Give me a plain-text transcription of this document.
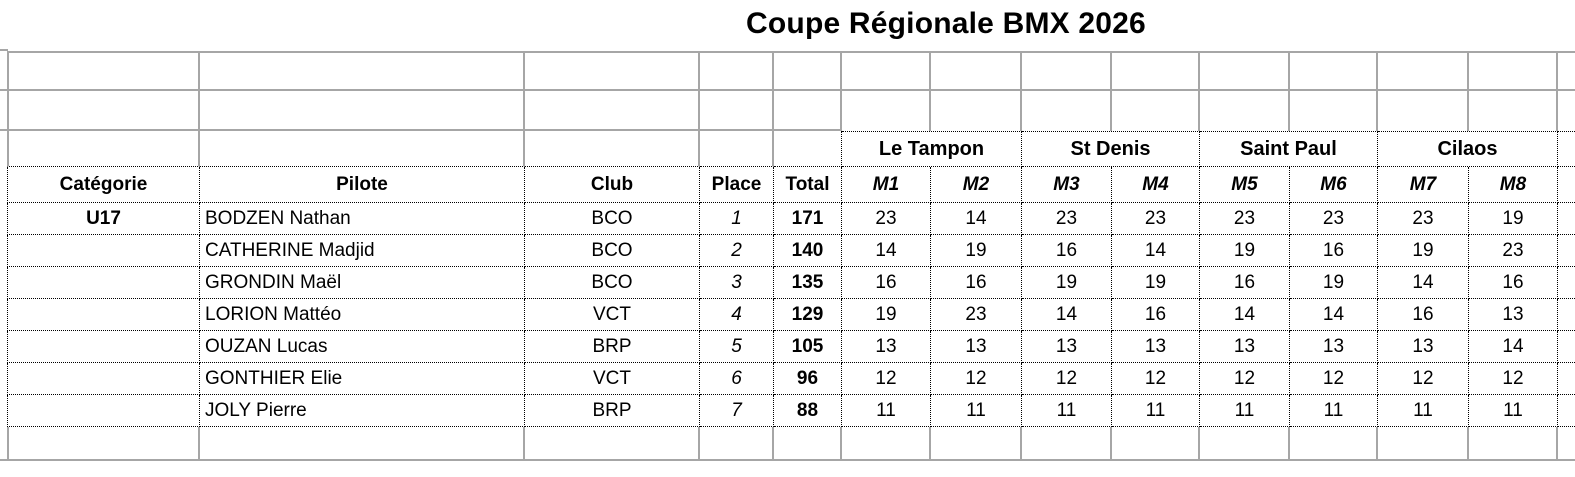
Coupe Régionale BMX 2026

					Le Tampon		St Denis		Saint Paul		Cilaos		
Catégorie	Pilote	Club	Place	Total	M1	M2	M3	M4	M5	M6	M7	M8	
U17	BODZEN Nathan	BCO	1	171	23	14	23	23	23	23	23	19	
	CATHERINE Madjid	BCO	2	140	14	19	16	14	19	16	19	23	
	GRONDIN Maël	BCO	3	135	16	16	19	19	16	19	14	16	
	LORION Mattéo	VCT	4	129	19	23	14	16	14	14	16	13	
	OUZAN Lucas	BRP	5	105	13	13	13	13	13	13	13	14	
	GONTHIER Elie	VCT	6	96	12	12	12	12	12	12	12	12	
	JOLY Pierre	BRP	7	88	11	11	11	11	11	11	11	11	
